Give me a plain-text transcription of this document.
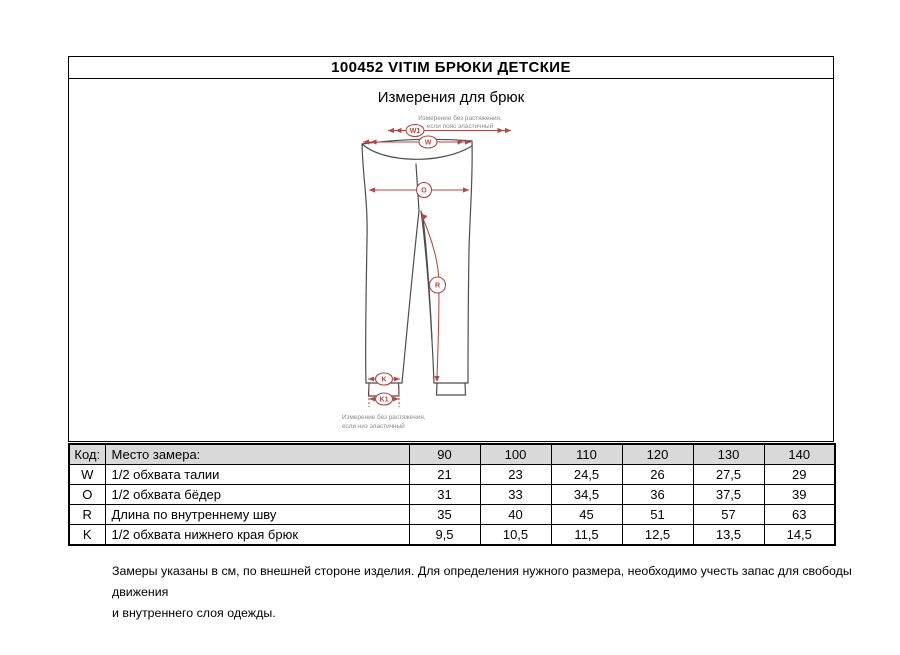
100452 VITIM БРЮКИ ДЕТСКИЕ
Измерения для брюк
Измерение без растяжения,
если пояс эластичный
Измерение без растяжения,
если низ эластичный
W1
W
O
R
K
K1
Код:	Место замера:	90	100	110	120	130	140
W	1/2 обхвата талии	21	23	24,5	26	27,5	29
O	1/2 обхвата бёдер	31	33	34,5	36	37,5	39
R	Длина по внутреннему шву	35	40	45	51	57	63
K	1/2 обхвата нижнего края брюк	9,5	10,5	11,5	12,5	13,5	14,5
Замеры указаны в см, по внешней стороне изделия. Для определения нужного размера, необходимо учесть запас для свободы движения
и внутреннего слоя одежды.
